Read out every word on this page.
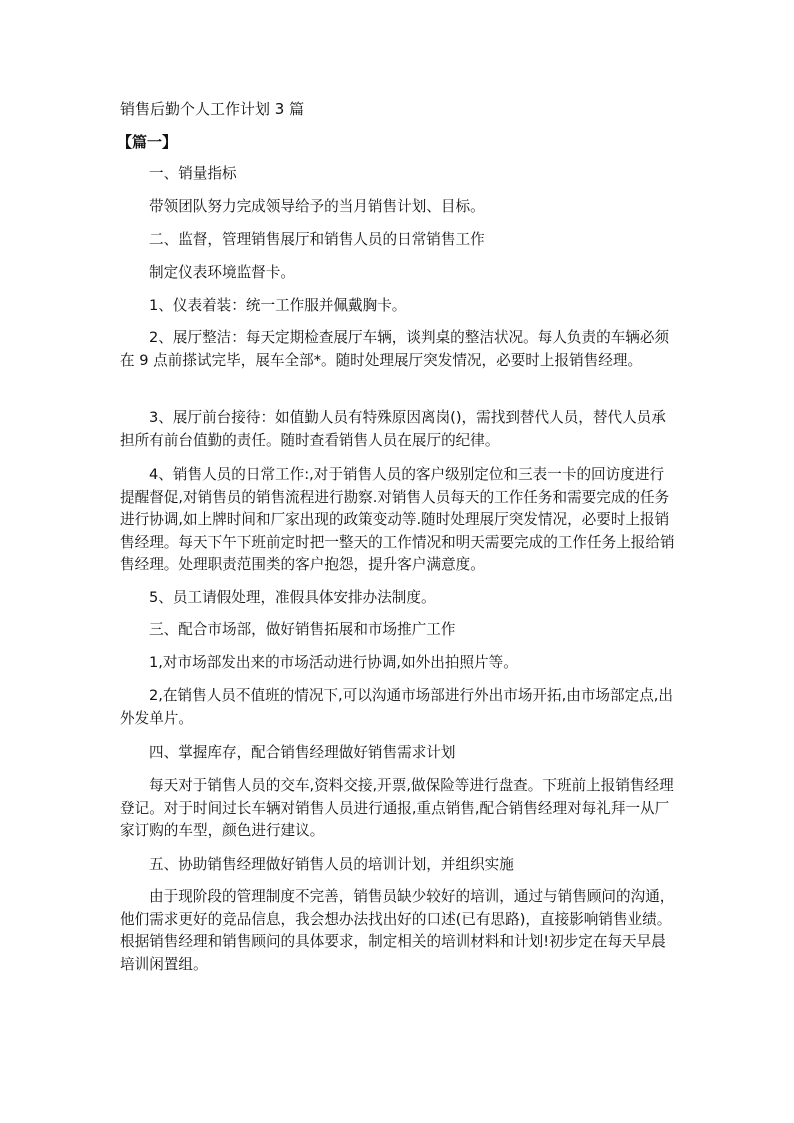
销售后勤个人工作计划 3 篇
【篇一】

一、销量指标

带领团队努力完成领导给予的当月销售计划、目标。

二、监督，管理销售展厅和销售人员的日常销售工作

制定仪表环境监督卡。

1、仪表着装：统一工作服并佩戴胸卡。

2、展厅整洁：每天定期检查展厅车辆，谈判桌的整洁状况。每人负责的车辆必须在 9 点前搽试完毕，展车全部*。随时处理展厅突发情况，必要时上报销售经理。

3、展厅前台接待：如值勤人员有特殊原因离岗()，需找到替代人员，替代人员承担所有前台值勤的责任。随时查看销售人员在展厅的纪律。

4、销售人员的日常工作:,对于销售人员的客户级别定位和三表一卡的回访度进行提醒督促,对销售员的销售流程进行勘察.对销售人员每天的工作任务和需要完成的任务进行协调,如上牌时间和厂家出现的政策变动等.随时处理展厅突发情况，必要时上报销售经理。每天下午下班前定时把一整天的工作情况和明天需要完成的工作任务上报给销售经理。处理职责范围类的客户抱怨，提升客户满意度。

5、员工请假处理，准假具体安排办法制度。

三、配合市场部，做好销售拓展和市场推广工作

1,对市场部发出来的市场活动进行协调,如外出拍照片等。

2,在销售人员不值班的情况下,可以沟通市场部进行外出市场开拓,由市场部定点,出外发单片。

四、掌握库存，配合销售经理做好销售需求计划

每天对于销售人员的交车,资料交接,开票,做保险等进行盘查。下班前上报销售经理登记。对于时间过长车辆对销售人员进行通报,重点销售,配合销售经理对每礼拜一从厂家订购的车型，颜色进行建议。

五、协助销售经理做好销售人员的培训计划，并组织实施

由于现阶段的管理制度不完善，销售员缺少较好的培训，通过与销售顾问的沟通，他们需求更好的竞品信息，我会想办法找出好的口述(已有思路)，直接影响销售业绩。根据销售经理和销售顾问的具体要求，制定相关的培训材料和计划!初步定在每天早晨培训闲置组。
